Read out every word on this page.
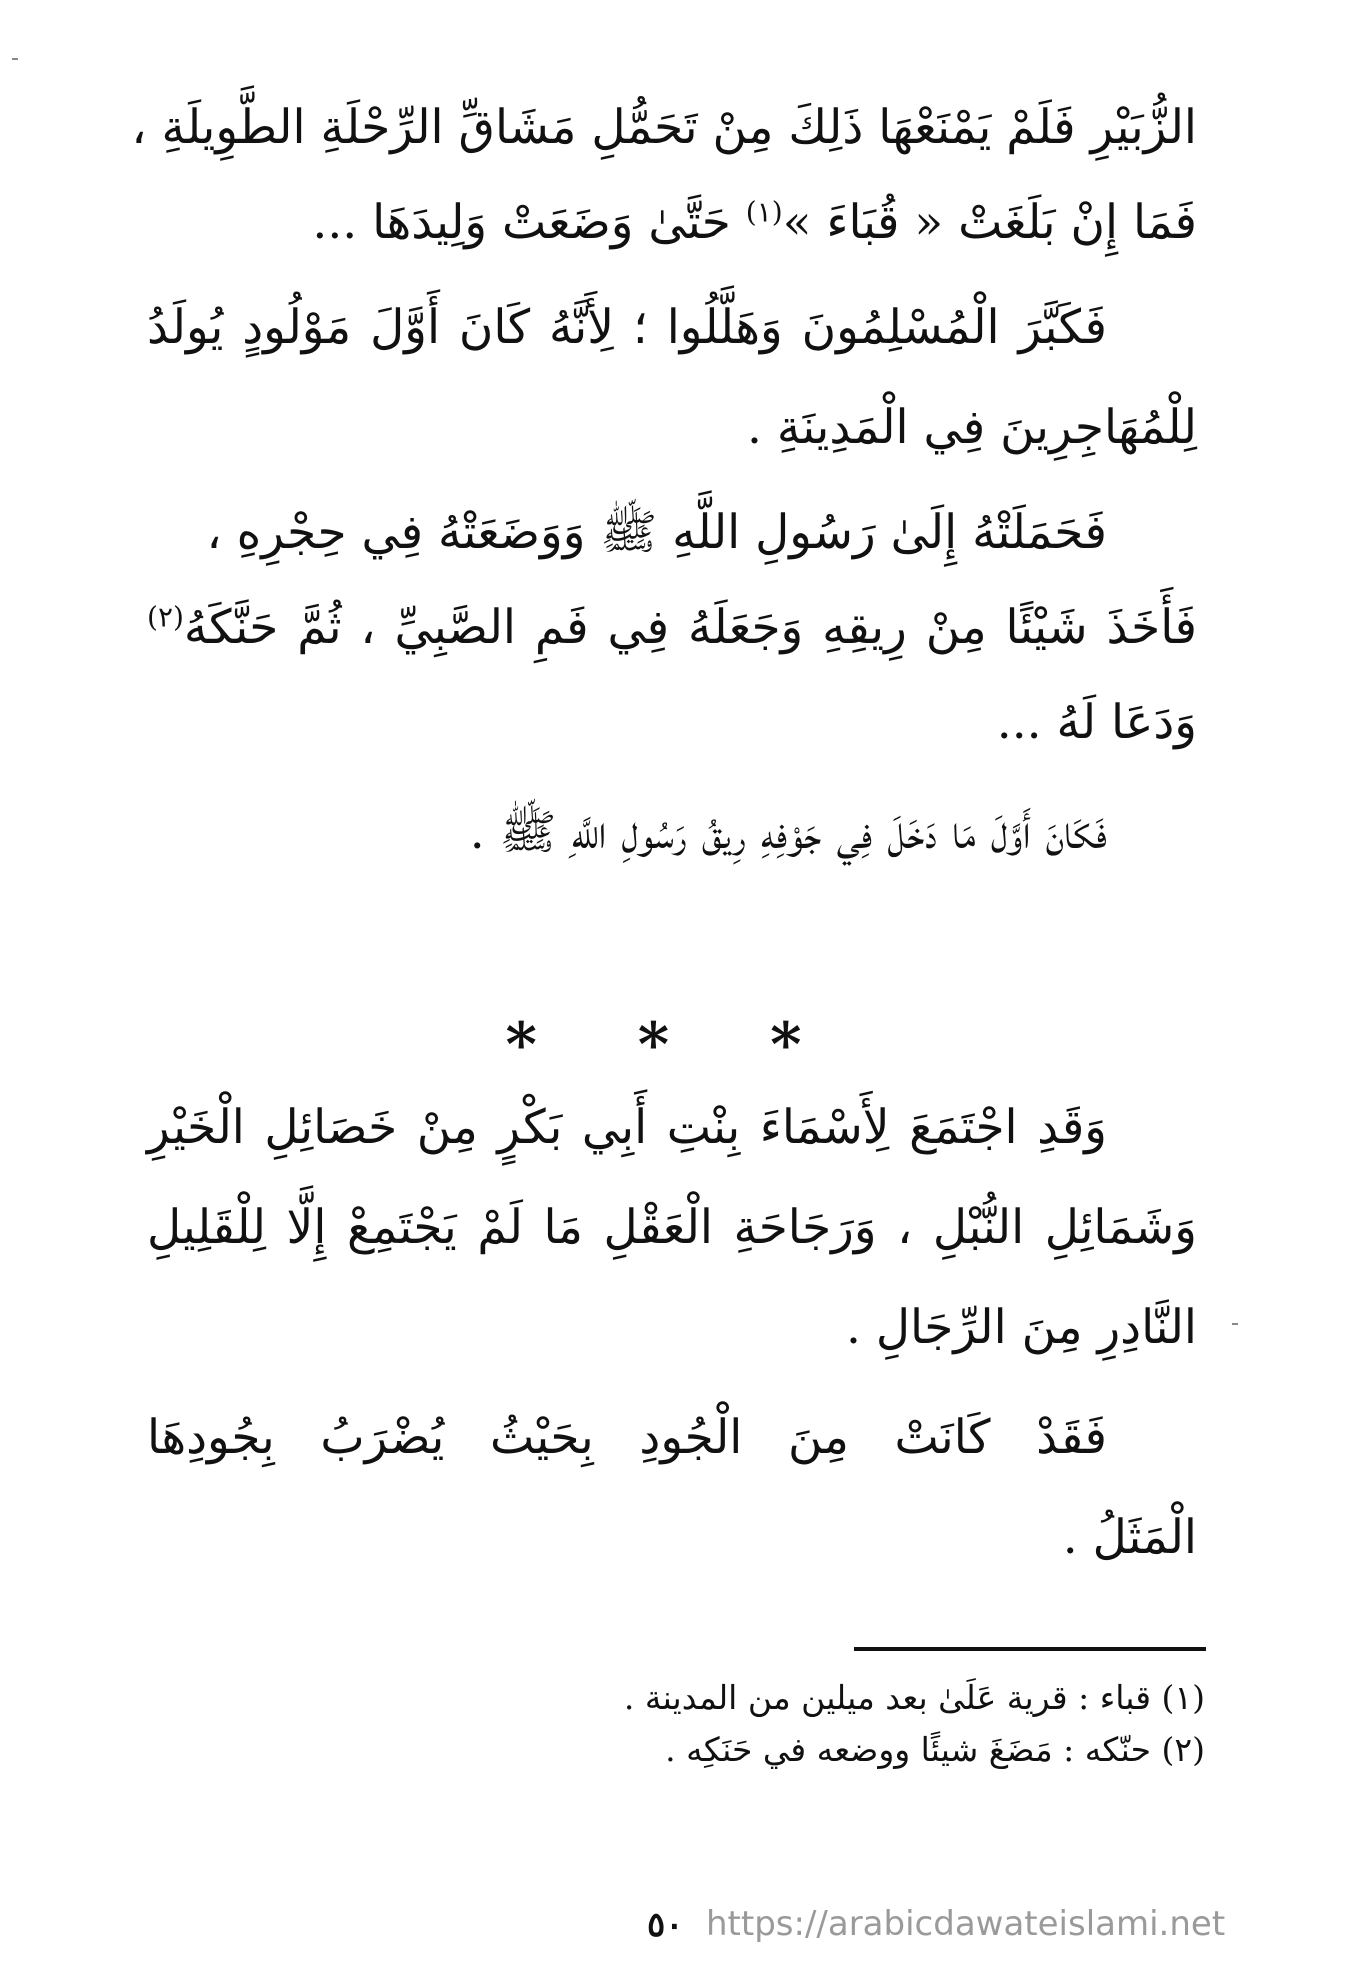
الزُّبَيْرِ فَلَمْ يَمْنَعْهَا ذَلِكَ مِنْ تَحَمُّلِ مَشَاقِّ الرِّحْلَةِ الطَّوِيلَةِ ،
فَمَا إِنْ بَلَغَتْ « قُبَاءَ »$^{(١)}$ حَتَّىٰ وَضَعَتْ وَلِيدَهَا ...
فَكَبَّرَ الْمُسْلِمُونَ وَهَلَّلُوا ؛ لِأَنَّهُ كَانَ أَوَّلَ مَوْلُودٍ يُولَدُ
لِلْمُهَاجِرِينَ فِي الْمَدِينَةِ .
فَحَمَلَتْهُ إِلَىٰ رَسُولِ اللَّهِ ﷺ وَوَضَعَتْهُ فِي حِجْرِهِ ،
فَأَخَذَ شَيْئًا مِنْ رِيقِهِ وَجَعَلَهُ فِي فَمِ الصَّبِيِّ ، ثُمَّ حَنَّكَهُ$^{(٢)}$
وَدَعَا لَهُ ...
فَكَانَ أَوَّلَ مَا دَخَلَ فِي جَوْفِهِ رِيقُ رَسُولِ اللَّهِ ﷺ .
* * *
وَقَدِ اجْتَمَعَ لِأَسْمَاءَ بِنْتِ أَبِي بَكْرٍ مِنْ خَصَائِلِ الْخَيْرِ
وَشَمَائِلِ النُّبْلِ ، وَرَجَاحَةِ الْعَقْلِ مَا لَمْ يَجْتَمِعْ إِلَّا لِلْقَلِيلِ
النَّادِرِ مِنَ الرِّجَالِ .
فَقَدْ كَانَتْ مِنَ الْجُودِ بِحَيْثُ يُضْرَبُ بِجُودِهَا
الْمَثَلُ .
(١) قباء : قرية عَلَىٰ بعد ميلين من المدينة .
(٢) حنّكه : مَضَغَ شيئًا ووضعه في حَنَكِه .
٥٠ https://arabicdawateislami.net
